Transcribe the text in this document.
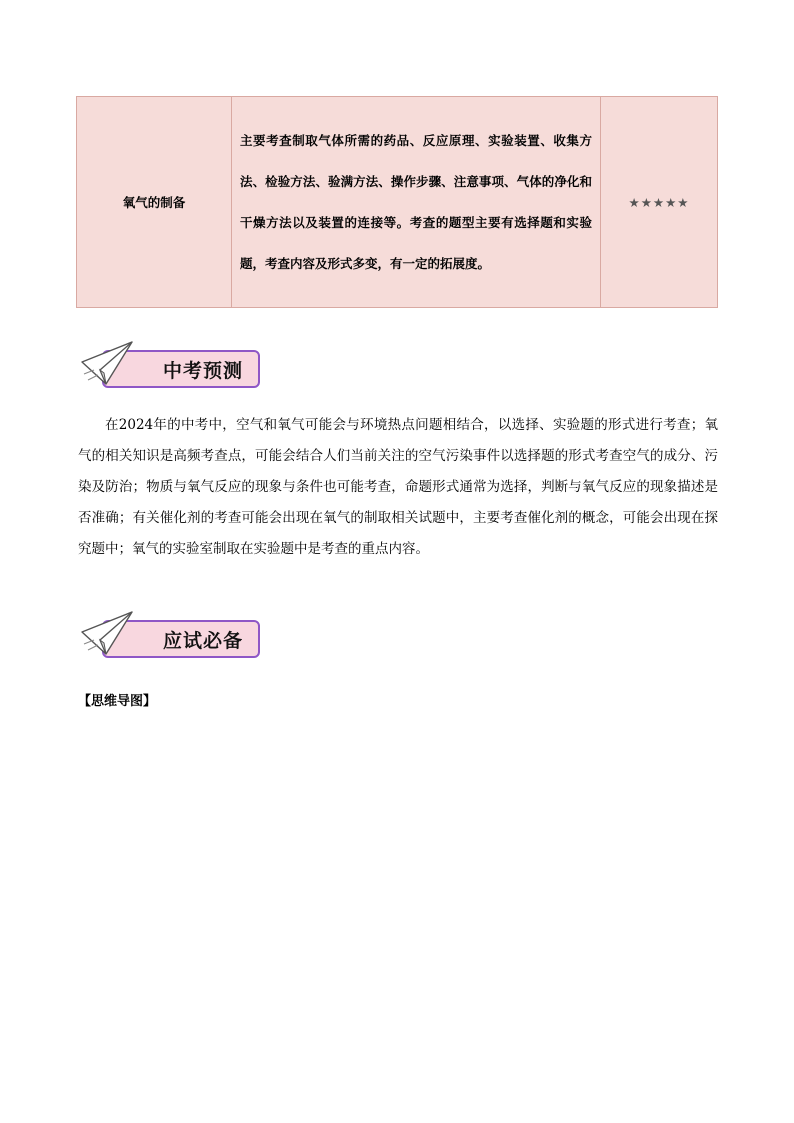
氧气的制备	主要考查制取气体所需的药品、反应原理、实验装置、收集方法、检验方法、验满方法、操作步骤、注意事项、气体的净化和干燥方法以及装置的连接等。考查的题型主要有选择题和实验题，考查内容及形式多变，有一定的拓展度。	★★★★★
中考预测

在2024年的中考中，空气和氧气可能会与环境热点问题相结合，以选择、实验题的形式进行考查；氧气的相关知识是高频考查点，可能会结合人们当前关注的空气污染事件以选择题的形式考查空气的成分、污染及防治；物质与氧气反应的现象与条件也可能考查，命题形式通常为选择，判断与氧气反应的现象描述是否准确；有关催化剂的考查可能会出现在氧气的制取相关试题中，主要考查催化剂的概念，可能会出现在探究题中；氧气的实验室制取在实验题中是考查的重点内容。

应试必备
【思维导图】
